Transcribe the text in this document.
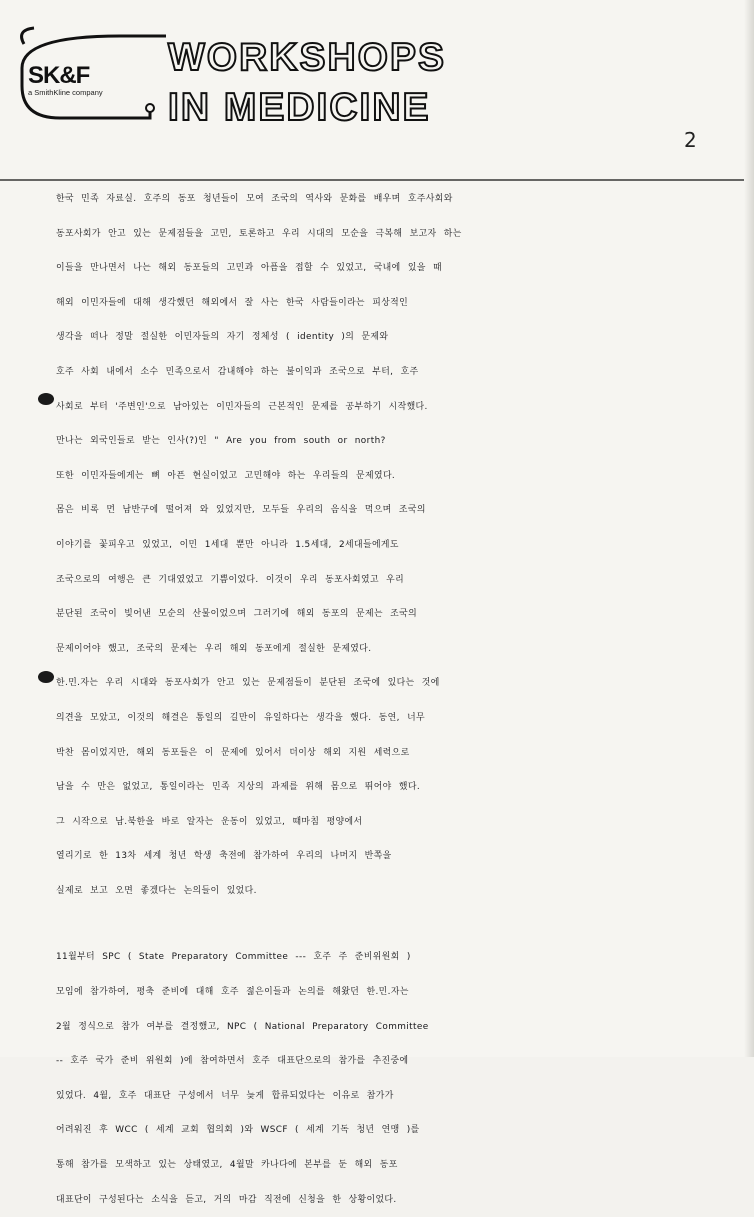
SK&F
a SmithKline company
WORKSHOPS
IN MEDICINE
2
한국 민족 자료실. 호주의 동포 청년들이 모여 조국의 역사와 문화를 배우며 호주사회와
동포사회가 안고 있는 문제점들을 고민, 토론하고 우리 시대의 모순을 극복해 보고자 하는
이들을 만나면서 나는 해외 동포들의 고민과 아픔을 접할 수 있었고, 국내에 있을 때
해외 이민자들에 대해 생각했던 해외에서 잘 사는 한국 사람들이라는 피상적인
생각을 떠나 정말 절실한 이민자들의 자기 정체성 ( identity )의 문제와
호주 사회 내에서 소수 민족으로서 감내해야 하는 불이익과 조국으로 부터, 호주
사회로 부터 '주변인'으로 남아있는 이민자들의 근본적인 문제를 공부하기 시작했다.
만나는 외국인들로 받는 인사(?)인 " Are you from south or north?
또한 이민자들에게는 뼈 아픈 현실이었고 고민해야 하는 우리들의 문제였다.
몸은 비록 먼 남반구에 떨어져 와 있었지만, 모두들 우리의 음식을 먹으며 조국의
이야기를 꽃피우고 있었고, 이민 1세대 뿐만 아니라 1.5세대, 2세대들에게도
조국으로의 여행은 큰 기대였었고 기쁨이었다. 이것이 우리 동포사회였고 우리
분단된 조국이 빚어낸 모순의 산물이었으며 그러기에 해외 동포의 문제는 조국의
문제이어야 했고, 조국의 문제는 우리 해외 동포에게 절실한 문제였다.
한.민.자는 우리 시대와 동포사회가 안고 있는 문제점들이 분단된 조국에 있다는 것에
의견을 모았고, 이것의 해결은 통일의 길만이 유일하다는 생각을 했다. 동연, 너무
박찬 몸이었지만, 해외 동포들은 이 문제에 있어서 더이상 해외 지원 세력으로
남을 수 만은 없었고, 통일이라는 민족 지상의 과제를 위해 몸으로 뛰어야 했다.
그 시작으로 남.북한을 바로 알자는 운동이 있었고, 때마침 평양에서
열리기로 한 13차 세계 청년 학생 축전에 참가하여 우리의 나머지 반쪽을
실제로 보고 오면 좋겠다는 논의들이 있었다.
11월부터 SPC ( State Preparatory Committee --- 호주 주 준비위원회 )
모임에 참가하여, 평축 준비에 대해 호주 젊은이들과 논의를 해왔던 한.민.자는
2월 정식으로 참가 여부를 결정했고, NPC ( National Preparatory Committee
-- 호주 국가 준비 위원회 )에 참여하면서 호주 대표단으로의 참가를 추진중에
있었다. 4월, 호주 대표단 구성에서 너무 늦게 합류되었다는 이유로 참가가
어려워진 후 WCC ( 세계 교회 협의회 )와 WSCF ( 세계 기독 청년 연맹 )를
통해 참가를 모색하고 있는 상태였고, 4월말 카나다에 본부를 둔 해외 동포
대표단이 구성된다는 소식을 듣고, 거의 마감 직전에 신청을 한 상황이었다.
